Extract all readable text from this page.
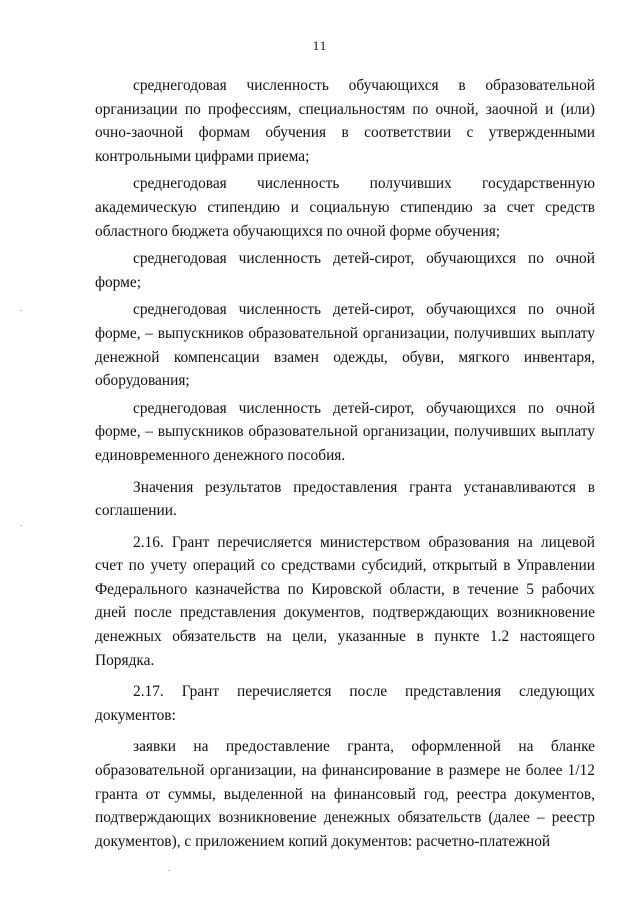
11

среднегодовая численность обучающихся в образовательной организации по профессиям, специальностям по очной, заочной и (или) очно-заочной формам обучения в соответствии с утвержденными контрольными цифрами приема;

среднегодовая численность получивших государственную академическую стипендию и социальную стипендию за счет средств областного бюджета обучающихся по очной форме обучения;

среднегодовая численность детей-сирот, обучающихся по очной форме;

среднегодовая численность детей-сирот, обучающихся по очной форме, – выпускников образовательной организации, получивших выплату денежной компенсации взамен одежды, обуви, мягкого инвентаря, оборудования;

среднегодовая численность детей-сирот, обучающихся по очной форме, – выпускников образовательной организации, получивших выплату единовременного денежного пособия.

Значения результатов предоставления гранта устанавливаются в соглашении.

2.16. Грант перечисляется министерством образования на лицевой счет по учету операций со средствами субсидий, открытый в Управлении Федерального казначейства по Кировской области, в течение 5 рабочих дней после представления документов, подтверждающих возникновение денежных обязательств на цели, указанные в пункте 1.2 настоящего Порядка.

2.17. Грант перечисляется после представления следующих документов:

заявки на предоставление гранта, оформленной на бланке образовательной организации, на финансирование в размере не более 1/12 гранта от суммы, выделенной на финансовый год, реестра документов, подтверждающих возникновение денежных обязательств (далее – реестр документов), с приложением копий документов: расчетно-платежной
